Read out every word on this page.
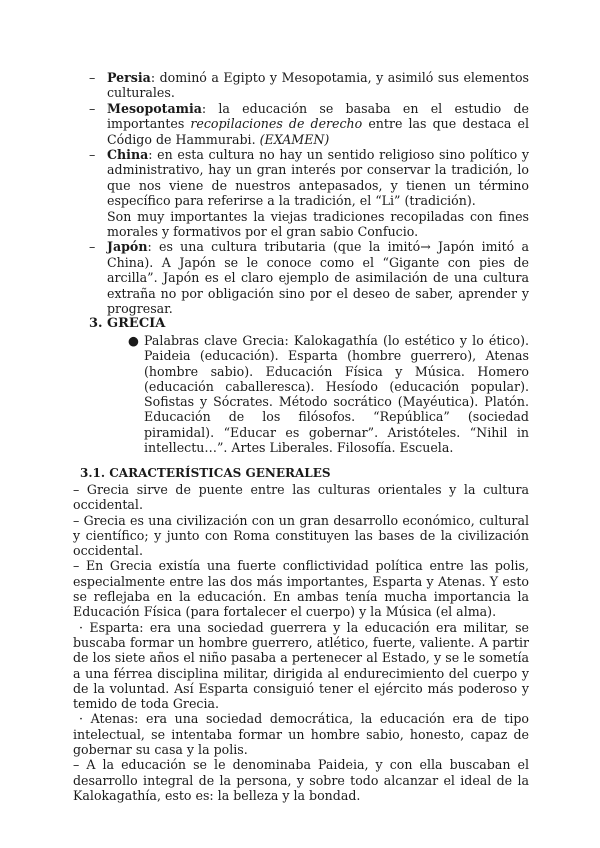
– Persia: dominó a Egipto y Mesopotamia, y asimiló sus elementos culturales.
– Mesopotamia: la educación se basaba en el estudio de importantes recopilaciones de derecho entre las que destaca el Código de Hammurabi. (EXAMEN)
– China: en esta cultura no hay un sentido religioso sino político y administrativo, hay un gran interés por conservar la tradición, lo que nos viene de nuestros antepasados, y tienen un término específico para referirse a la tradición, el “Li” (tradición).

Son muy importantes la viejas tradiciones recopiladas con fines morales y formativos por el gran sabio Confucio.

– Japón: es una cultura tributaria (que la imitó→ Japón imitó a China). A Japón se le conoce como el “Gigante con pies de arcilla”. Japón es el claro ejemplo de asimilación de una cultura extraña no por obligación sino por el deseo de saber, aprender y progresar.
3. GRECIA
● Palabras clave Grecia: Kalokagathía (lo estético y lo ético). Paideia (educación). Esparta (hombre guerrero), Atenas (hombre sabio). Educación Física y Música. Homero (educación caballeresca). Hesíodo (educación popular). Sofistas y Sócrates. Método socrático (Mayéutica). Platón. Educación de los filósofos. “República” (sociedad piramidal). “Educar es gobernar”. Aristóteles. “Nihil in intellectu…”. Artes Liberales. Filosofía. Escuela.
3.1. CARACTERÍSTICAS GENERALES

– Grecia sirve de puente entre las culturas orientales y la cultura occidental.

– Grecia es una civilización con un gran desarrollo económico, cultural y científico; y junto con Roma constituyen las bases de la civilización occidental.

– En Grecia existía una fuerte conflictividad política entre las polis, especialmente entre las dos más importantes, Esparta y Atenas. Y esto se reflejaba en la educación. En ambas tenía mucha importancia la Educación Física (para fortalecer el cuerpo) y la Música (el alma).

· Esparta: era una sociedad guerrera y la educación era militar, se buscaba formar un hombre guerrero, atlético, fuerte, valiente. A partir de los siete años el niño pasaba a pertenecer al Estado, y se le sometía a una férrea disciplina militar, dirigida al endurecimiento del cuerpo y de la voluntad. Así Esparta consiguió tener el ejército más poderoso y temido de toda Grecia.

· Atenas: era una sociedad democrática, la educación era de tipo intelectual, se intentaba formar un hombre sabio, honesto, capaz de gobernar su casa y la polis.

– A la educación se le denominaba Paideia, y con ella buscaban el desarrollo integral de la persona, y sobre todo alcanzar el ideal de la Kalokagathía, esto es: la belleza y la bondad.
